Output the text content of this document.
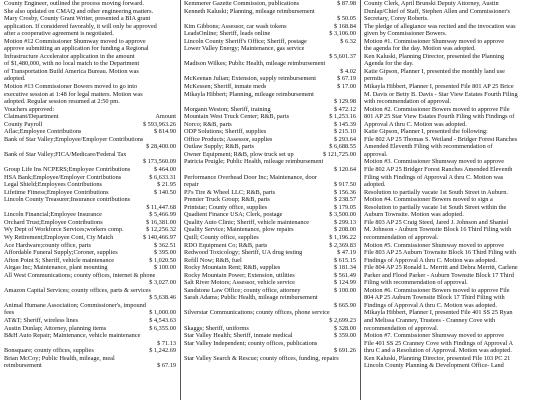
County Engineer, outlined the process moving forward.
She also updated on CMAQ and other engineering matters.
Mary Crosby, County Grant Writer, presented a BIA grant
application. If considered favorably, it will only be approved
after a cooperative agreement is negotiated.
Motion #12 Commissioner Shumway moved to approve
approve submitting an application for funding a Regional
Infrastructure Accelerator application in the amount
of $1,480,000, with no local match to the Department
of Transportation Build America Bureau. Motion was
adopted.
Motion #13 Commissioner Bowers moved to go into
executive session at 1:48 for legal matters. Motion was
adopted. Regular session resumed at 2:50 pm.
Vouchers approved:
Claimant/Department	Amount
County Payroll	$ 593,963.26
Aflac;Employee Contributions	$ 814.90
Bank of Star Valley;Employee/Employer Contributions
$ 28,400.00
Bank of Star Valley;FICA/Medicare/Federal Tax
$ 173,560.09
Group Life Ins NCPERS;Employee Contributions	$ 464.00
HSA Bank;Employee/Employer Contributions	$ 6,633.31
Legal Shield;Employees Contributions	$ 21.95
Lifetime Fitness;Employee Contributions	$ 140.50
Lincoln County Treasurer;Insurance contributions
$ 11,447.68
Lincoln Financial;Employee Insurance	$ 5,466.99
Orchard Trust;Employee Contributions	$ 16,381.00
Wy Dept of Workforce Services;workers comp.	$ 12,256.32
Wy Retirement;Employee Cont, Cty Match	$ 140,466.97
Ace Hardware;county office, parts	$ 362.51
Affordable Funeral Supply;Coroner, supplies	$ 395.00
Afton Point S; Sheriff, vehicle maintenance	$ 1,020.50
Airgas Inc; Maintenance, plant mounting	$ 100.00
All West Communications; county offices, internet & phone
$ 3,027.00
Amazon Capital Services; county offices, parts & services
$ 5,638.46
Animal Humane Association; Commissioner's, impound
fees	$ 1,000.00
AT&T; Sheriff, wireless lines	$ 4,543.63
Austin Dunlap; Attorney, planning items	$ 6,355.00
B&H Auto Repair; Maintenance, vehicle maintenance
$ 71.13
Bonsquare; county offices, supplies	$ 1,242.69
Brian McCoy; Public Health, mileage, meal
reimbursement	$ 67.19
Kemmerer Gazette Commission, publications	$ 87.98
Kenneth Kaluski; Planning, mileage reimbursement
$ 50.05
Kim Gibbons; Assessor, car wash tokens	$ 168.84
LeadsOnline; Sheriff, leads online	$ 3,106.00
Lincoln County Sheriff's Office; Sheriff, postage	$ 6.32
Lower Valley Energy; Maintenance, gas service
$ 5,601.37
Madison Wilkes; Public Health, mileage reimbursement
$ 4.02
McKeenan Julian; Extension, supply reimbursement	$ 67.19
McKessen; Sheriff, inmate meds	$ 17.00
Mikayla Hibbert; Planning, mileage reimbursement
$ 129.98
Morgann Weston; Sheriff, training	$ 472.12
Mountain West Truck Center; R&B, parts	$ 1,253.16
Norco; R&B, parts	$ 145.39
ODP Solutions; Sheriff, supplies	$ 215.10
Office Products; Assessor, supplies	$ 293.64
Outlaw Supply; R&B, parts	$ 6,688.55
Owner Equipment; R&B, plow truck set up	$ 121,725.00
Patricia Pruigle; Public Health, mileage reimbursement
$ 120.64
Performance Overhead Door Inc; Maintenance, door
repair	$ 917.50
PJ's Tire & Wheel LLC; R&B, parts	$ 156.36
Premier Truck Group; R&B, parts	$ 238.57
Printstar; County office, supplies	$ 179.05
Quadient Finance USA; Clerk, postage	$ 3,500.00
Quality Auto Clinic; Sheriff, vehicle maintenance	$ 299.13
Quality Service; Maintenance, plow repairs	$ 208.00
Quill; County office, supplies	$ 1,196.22
RDO Equipment Co; R&B, parts	$ 2,369.83
Redwood Toxicology; Sheriff, UA drug testing	$ 47.19
Refill Now; R&B, fuel	$ 615.15
Rocky Mountain Rent; R&B, supplies	$ 181.34
Rocky Mountain Power; Extension, utilities	$ 561.49
Salt River Motors; Assessor, vehicle service	$ 124.99
Sandstone Law Office; county office, attorney	$ 100.00
Sarah Adams; Public Health, mileage reimbursement
$ 665.90
Silverstar Communications; county offices, phone service
$ 2,699.23
Skaggs; Sheriff, uniforms	$ 328.00
Star Valley Health; Sheriff, inmate medical	$ 359.00
Star Valley Independent; county offices, publications
$ 691.26
Star Valley Search & Rescue; county offices, funding, repairs
County Clerk, April Brunski Deputy Attorney, Austin
Dunlap/Chief of Staff, Stephen Allen and Commissioner's
Secretary, Corey Roberts.
The pledge of allegiance was recited and the invocation was
given by Commissioner Bowers.
Motion #1. Commissioner Shumway moved to approve
the agenda for the day. Motion was adopted.
Ken Kaluski, Planning Director, presented the Planning
Agenda for the day.
Katie Gipson, Planner I, presented the monthly land use
permits
Mikayla Hibbert, Planner I, presented File 801 AP 25 Brice
M. Davis or Betty B. Davis - Star View Estates Fourth Filing
with recommendation of approval.
Motion #2. Commissioner Bowers moved to approve File
801 AP 25 Star View Estates Fourth Filing with Findings of
Approval A thru C. Motion was adopted.
Katie Gipson, Planner I, presented the following:
File 802 AP 25 Thomas S. Weiland - Bridger Forest Ranches
Amended Eleventh Filing with recommendation of
approval.
Motion #3. Commissioner Shumway moved to approve
File 802 AP 25 Bridger Forest Ranches Amended Eleventh
Filing with Findings of Approval A thru C. Motion was
adopted.
Resolution to partially vacate 1st South Street in Auburn.
Motion #4. Commissioner Bowers moved to sign a
Resolution to partially vacate 1st South Street within the
Auburn Townsite. Motion was adopted.
File 803 AP 25 Craig Steed, Jared J. Johnson and Shantel
M. Johnson - Auburn Townsite Block 16 Third Filing with
recommendation of approval.
Motion #5. Commissioner Shumway moved to approve
File 803 AP 25 Auburn Townsite Block 16 Third Filing with
Findings of Approval A thru C. Motion was adopted.
File 804 AP 25 Ronald L. Merritt and Debra Merritt, Carlene
Parker and Flood Parker - Auburn Townsite Block 17 Third
Filing with recommendation of approval.
Motion #6. Commissioner Bowers moved to approve File
804 AP 25 Auburn Townsite Block 17 Third Filing with
Findings of Approval A thru C. Motion was adopted.
Mikayla Hibbert, Planner I, presented File 401 SS 25 Ryan
and Melissa Cranney, Trustees - Cranney Cove with
recommendation of approval.
Motion #7. Commissioner Shumway moved to approve
File 401 SS 25 Cranney Cove with Findings of Approval A
thru C and a Resolution of Approval. Motion was adopted.
Ken Kaluski, Planning Director, presented File 103 PC 21
Lincoln County Planning & Development Office- Land
